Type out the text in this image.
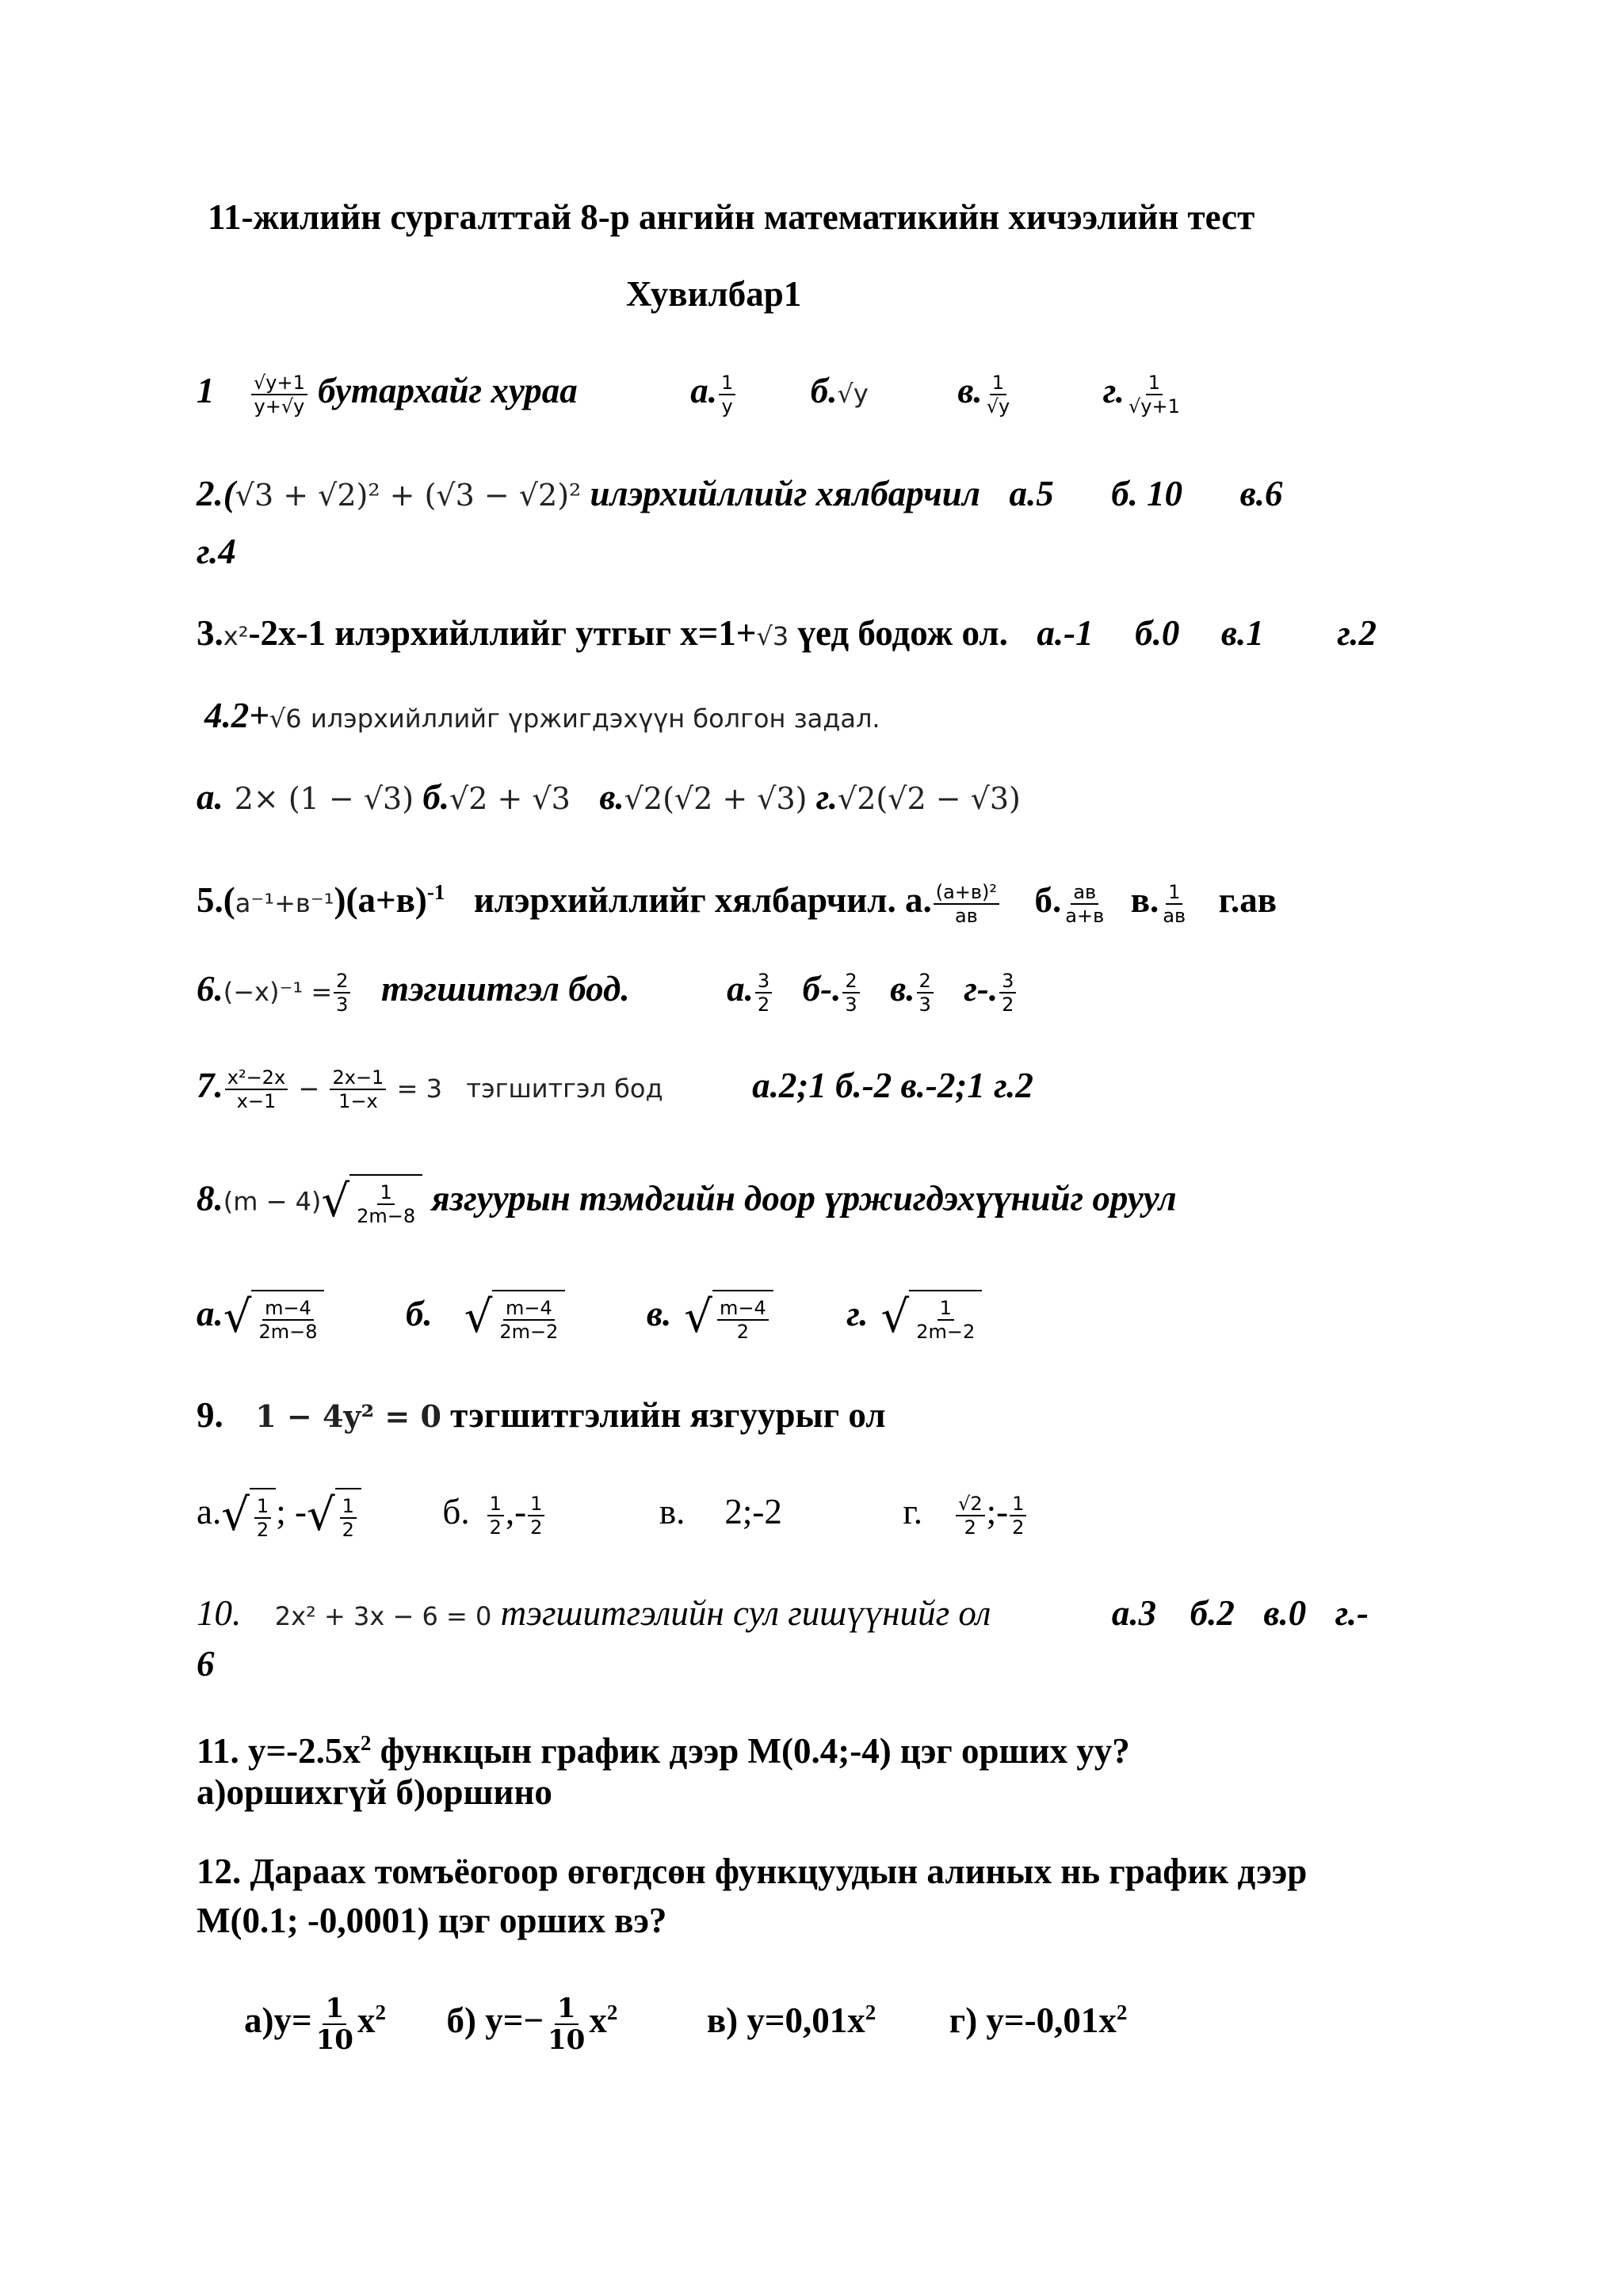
11-жилийн сургалттай 8-р ангийн математикийн хичээлийн тест
Хувилбар1
$1 \frac{√y+1}{y+√y}$ бутархайг хураа	а. $\frac{1}{y} б.√y$	в. $\frac{1}{√y}$	г. $\frac{1}{√y+1}$
2.(√3 + √2)² + (√3 − √2)² илэрхийллийг хялбарчил а.5 б. 10 в.6
г.4
3.x²-2x-1 илэрхийллийг утгыг x=1+√3 үед бодож ол. а.-1 б.0 в.1 г.2
4.2+√6 илэрхийллийг үржигдэхүүн болгон задал.
а. 2× (1 − √3) б.√2 + √3 в.√2(√2 + √3) г.√2(√2 − √3)
$5.(а^{-1}+в^{-1})(a+в)^{-1}$ илэрхийллийг хялбарчил. а. $\frac{\text{(а+в)²}}{ав} б$. $\frac{ав}{а+в} в$. $\frac{1}{ав} г.ав$
$6.(-x)^{-1} = \frac{2}{3}$ тэгшитгэл бод.	а. $\frac{3}{2} б-$. $\frac{2}{3} в$. $\frac{2}{3} г-$. $\frac{3}{2}$
7. $\frac{\text{x²−2x}}{x-1} - \frac{2x-1}{1-x} = 3$ тэгшитгэл бод	а.2;1 б.-2 в.-2;1 г.2
8.(m − 4) √ $\frac{1}{2m-8}$ язгуурын тэмдгийн доор үржигдэхүүнийг оруул
а. √ $\frac{m-4}{2m-8} б$. √ $\frac{m-4}{2m-2} в$. √ $\frac{m-4}{2} г$. √ $\frac{1}{2m-2}$
9. 1 − 4y² = 0 тэгшитгэлийн язгуурыг ол
а. √ $\frac{1}{2}$ ; - √ $\frac{1}{2} б$. $\frac{1}{2}$ ,- $\frac{1}{2}$	в. 2;-2	г. $\frac{√2}{2}$ ;- $\frac{1}{2}$
10. 2x² + 3x − 6 = 0 тэгшитгэлийн сул гишүүнийг ол	а.3 б.2 в.0 г.-
6
11. $y=-2.5x^2$ функцын график дээр M(0.4;-4) цэг орших уу?
а)оршихгүй б)оршино
12. Дараах томъёогоор өгөгдсөн функцуудын алиных нь график дээр
M(0.1; -0,0001) цэг орших вэ?
$а)y= \frac{1}{10} x^2$ б) $y=- \frac{1}{10} x^2$	в) $y=0,01x^2$ г) $y=-0,01x^2$
